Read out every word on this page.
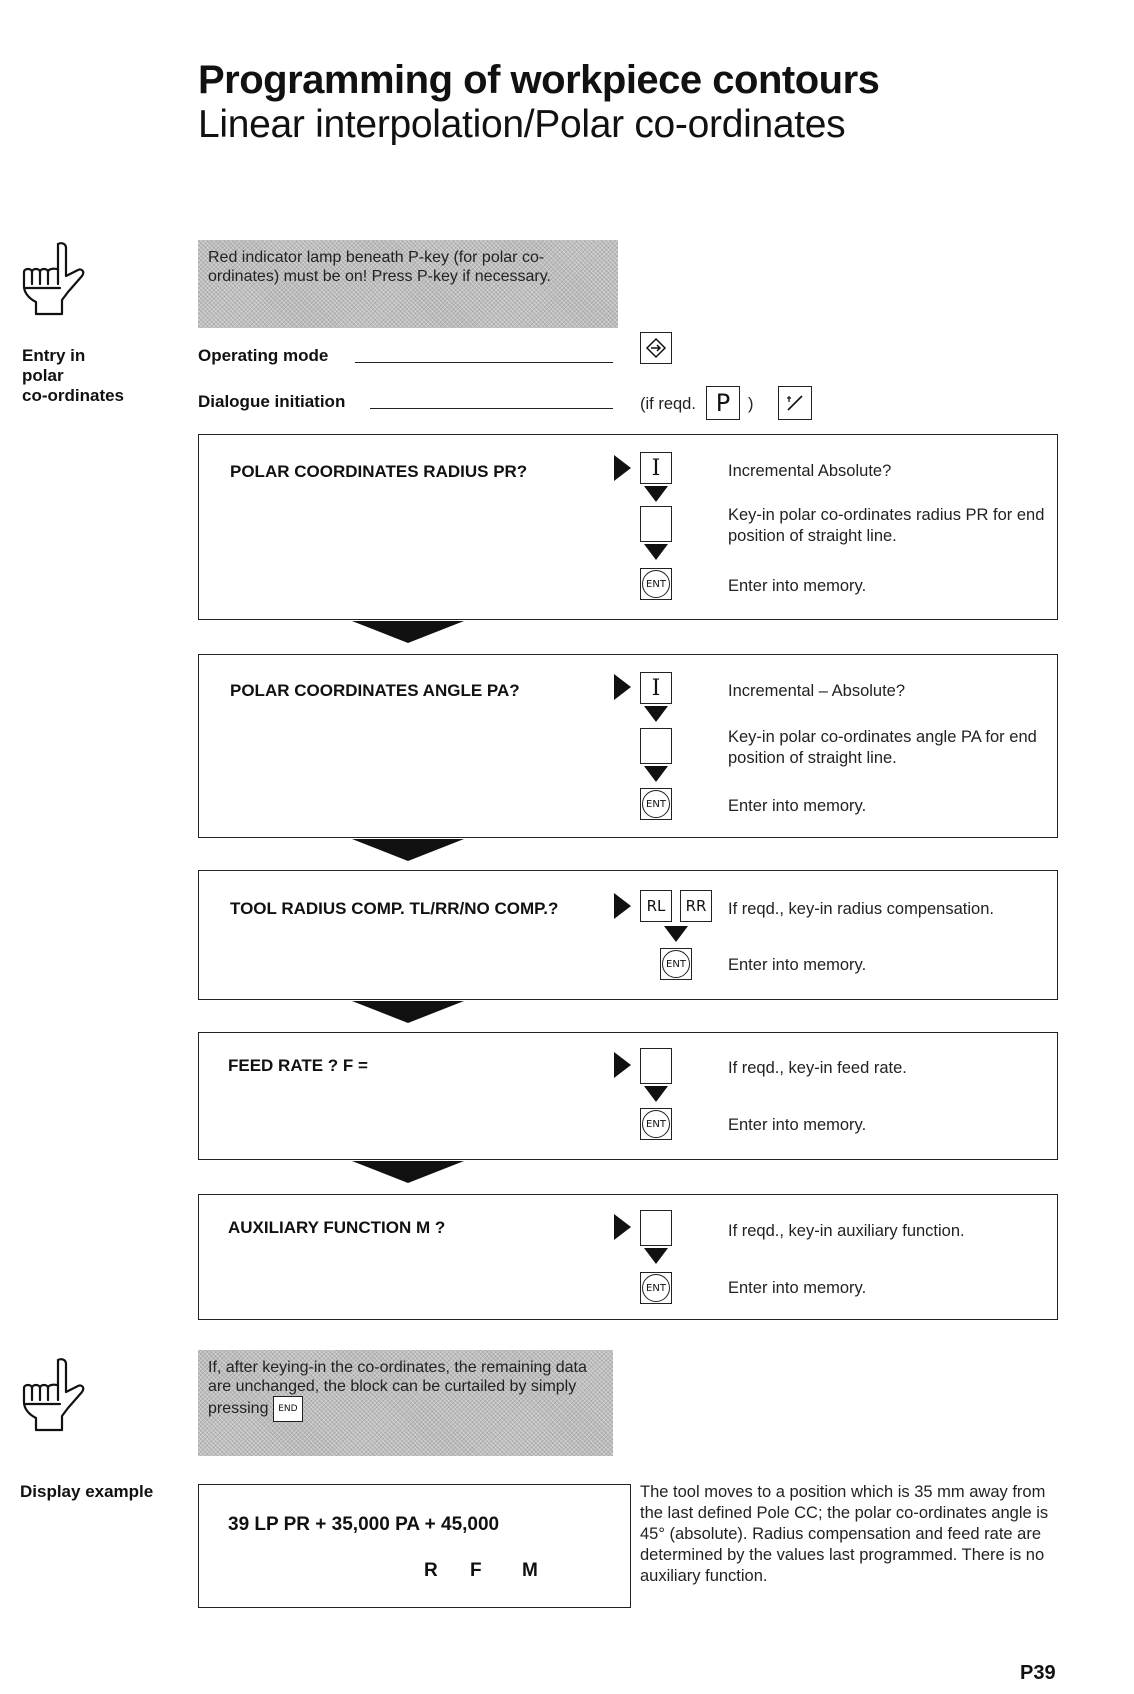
Programming of workpiece contours
Linear interpolation/Polar co-ordinates
Red indicator lamp beneath P-key (for polar co-ordinates) must be on! Press P-key if necessary.
Entry in
polar
co-ordinates
Operating mode
Dialogue initiation	(if reqd. P	)
POLAR COORDINATES RADIUS PR?	I
ENT
Incremental Absolute?
Key-in polar co-ordinates radius PR for end position of straight line.
Enter into memory.
POLAR COORDINATES ANGLE PA?	I
ENT
Incremental – Absolute?
Key-in polar co-ordinates angle PA for end position of straight line.
Enter into memory.
TOOL RADIUS COMP. TL/RR/NO COMP.?	RL	RR
ENT
If reqd., key-in radius compensation.
Enter into memory.
FEED RATE ? F =
ENT
If reqd., key-in feed rate.
Enter into memory.
AUXILIARY FUNCTION M ?
ENT
If reqd., key-in auxiliary function.
Enter into memory.
If, after keying-in the co-ordinates, the remaining data are unchanged, the block can be curtailed by simply pressing END
Display example
39 LP PR + 35,000 PA + 45,000
R F M
The tool moves to a position which is 35 mm away from the last defined Pole CC; the polar co-ordinates angle is 45° (absolute). Radius compensation and feed rate are determined by the values last programmed. There is no auxiliary function.
P39
